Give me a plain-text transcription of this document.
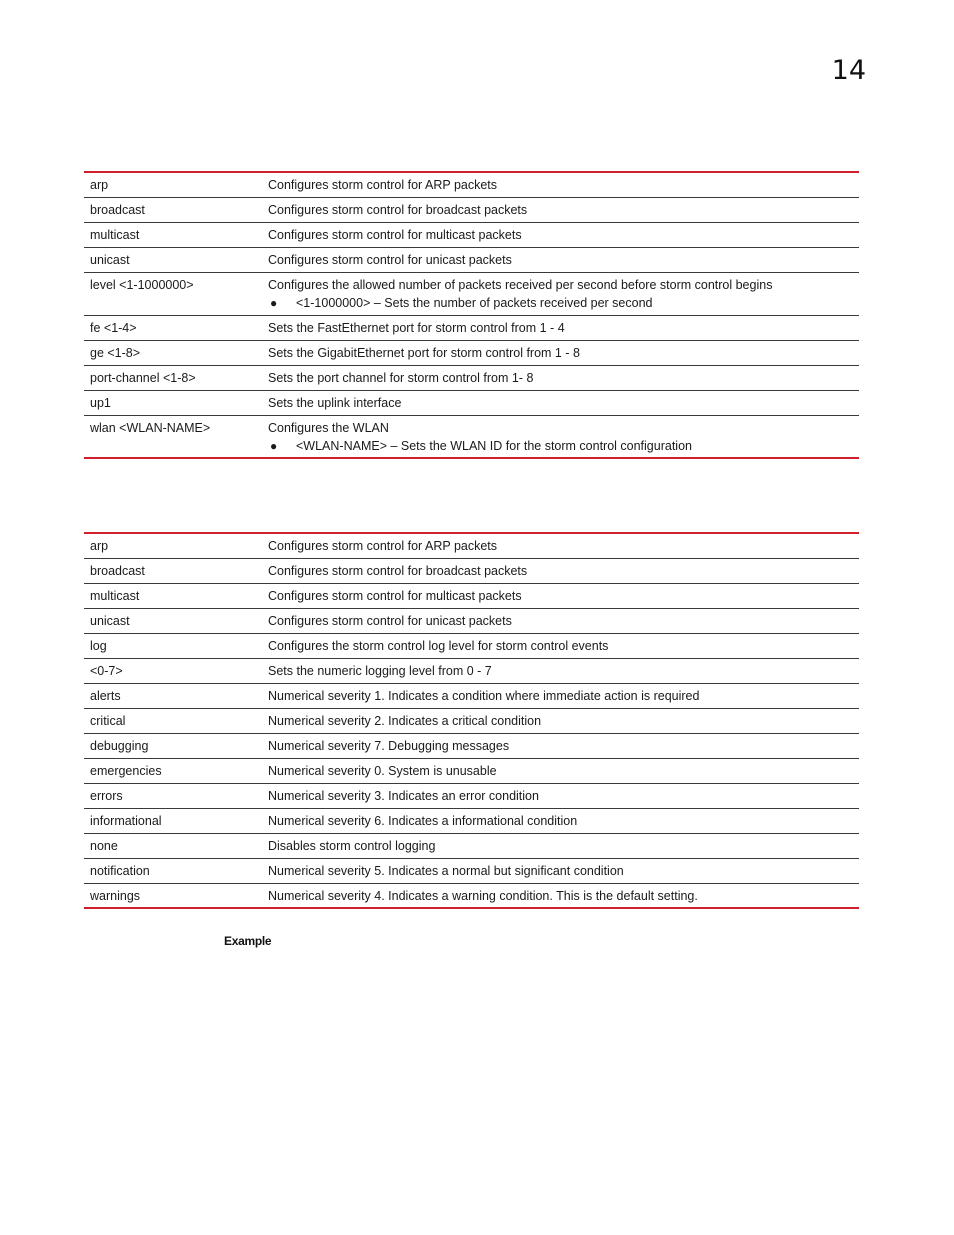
14
arp	Configures storm control for ARP packets
broadcast	Configures storm control for broadcast packets
multicast	Configures storm control for multicast packets
unicast	Configures storm control for unicast packets
level <1-1000000>	Configures the allowed number of packets received per second before storm control begins
● <1-1000000> – Sets the number of packets received per second

fe <1-4>	Sets the FastEthernet port for storm control from 1 - 4
ge <1-8>	Sets the GigabitEthernet port for storm control from 1 - 8
port-channel <1-8>	Sets the port channel for storm control from 1- 8
up1	Sets the uplink interface
wlan <WLAN-NAME>	Configures the WLAN
● <WLAN-NAME> – Sets the WLAN ID for the storm control configuration
arp	Configures storm control for ARP packets
broadcast	Configures storm control for broadcast packets
multicast	Configures storm control for multicast packets
unicast	Configures storm control for unicast packets
log	Configures the storm control log level for storm control events
<0-7>	Sets the numeric logging level from 0 - 7
alerts	Numerical severity 1. Indicates a condition where immediate action is required
critical	Numerical severity 2. Indicates a critical condition
debugging	Numerical severity 7. Debugging messages
emergencies	Numerical severity 0. System is unusable
errors	Numerical severity 3. Indicates an error condition
informational	Numerical severity 6. Indicates a informational condition
none	Disables storm control logging
notification	Numerical severity 5. Indicates a normal but significant condition
warnings	Numerical severity 4. Indicates a warning condition. This is the default setting.
Example
